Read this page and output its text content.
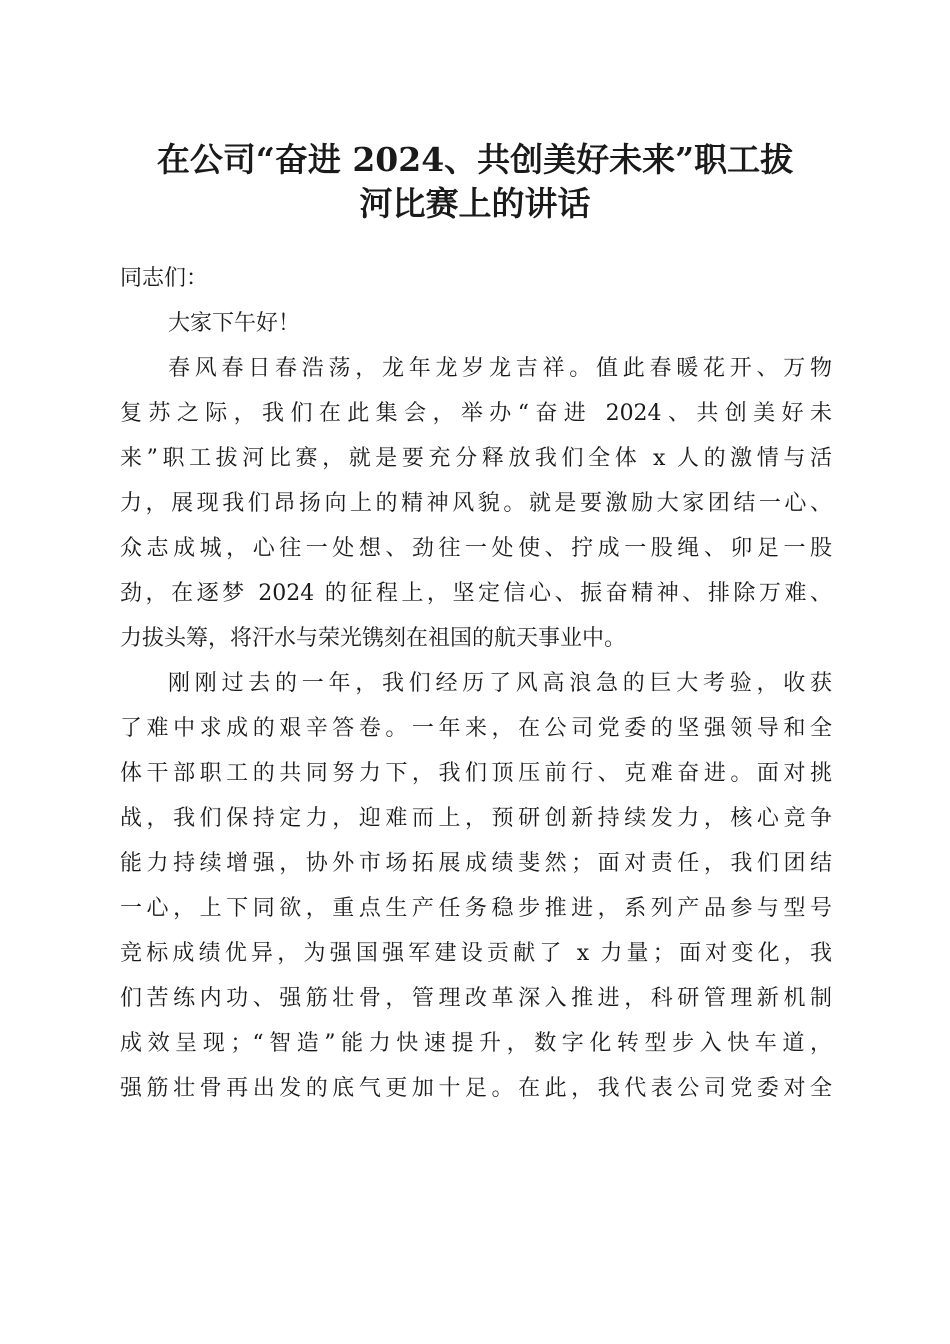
在公司“奋进 2024、共创美好未来”职工拔
河比赛上的讲话
同志们：
大家下午好！
春风春日春浩荡，龙年龙岁龙吉祥。值此春暖花开、万物
复苏之际，我们在此集会，举办“奋进 2024、共创美好未
来”职工拔河比赛，就是要充分释放我们全体 x 人的激情与活
力，展现我们昂扬向上的精神风貌。就是要激励大家团结一心、
众志成城，心往一处想、劲往一处使、拧成一股绳、卯足一股
劲，在逐梦 2024 的征程上，坚定信心、振奋精神、排除万难、
力拔头筹，将汗水与荣光镌刻在祖国的航天事业中。
刚刚过去的一年，我们经历了风高浪急的巨大考验，收获
了难中求成的艰辛答卷。一年来，在公司党委的坚强领导和全
体干部职工的共同努力下，我们顶压前行、克难奋进。面对挑
战，我们保持定力，迎难而上，预研创新持续发力，核心竞争
能力持续增强，协外市场拓展成绩斐然；面对责任，我们团结
一心，上下同欲，重点生产任务稳步推进，系列产品参与型号
竞标成绩优异，为强国强军建设贡献了 x 力量；面对变化，我
们苦练内功、强筋壮骨，管理改革深入推进，科研管理新机制
成效呈现；“智造”能力快速提升，数字化转型步入快车道，
强筋壮骨再出发的底气更加十足。在此，我代表公司党委对全
